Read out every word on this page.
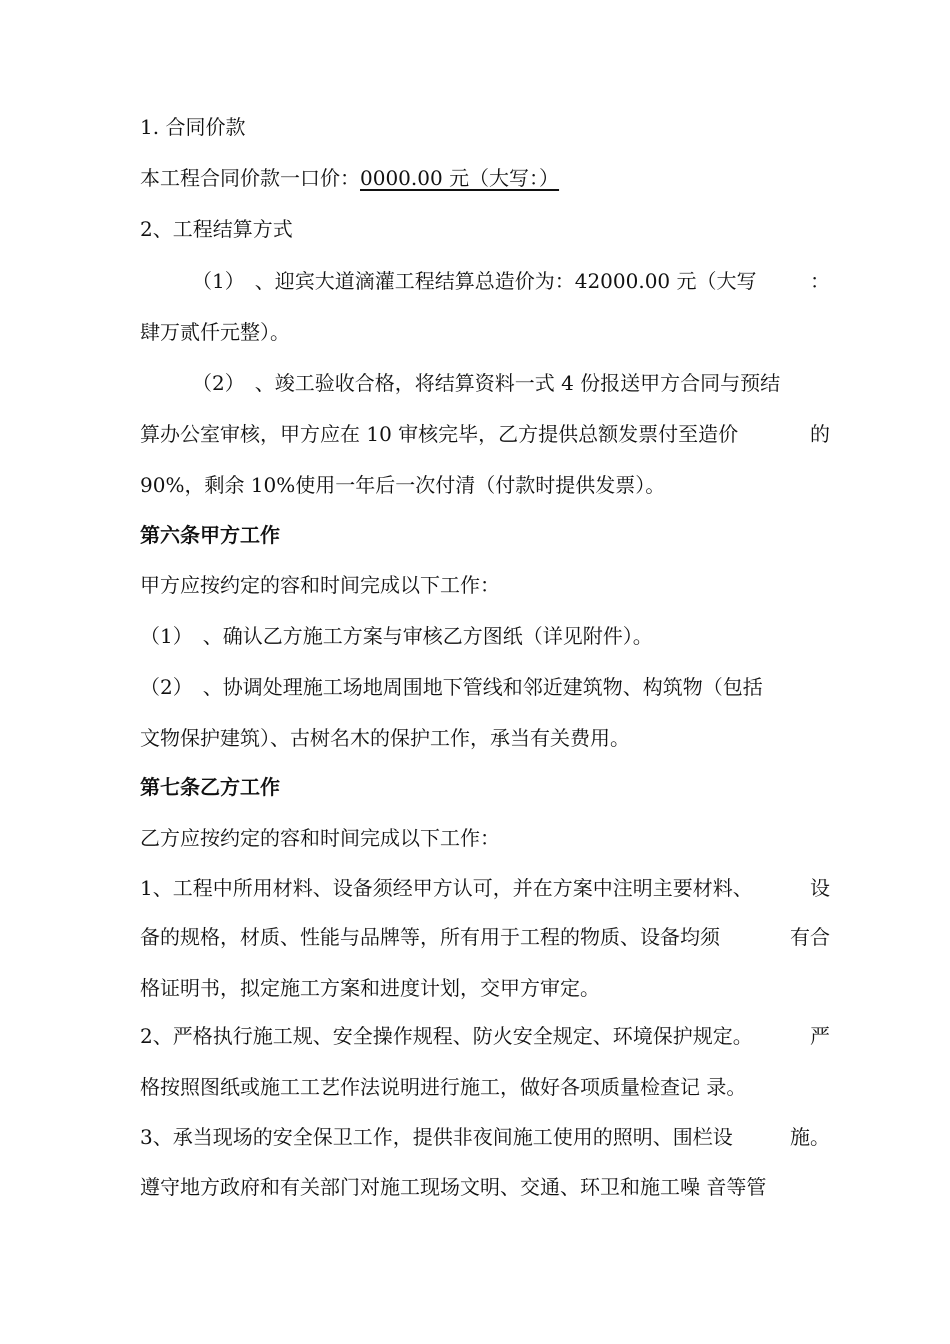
1. 合同价款
本工程合同价款一口价：0000.00 元（大写：）
2、工程结算方式
（1）　、迎宾大道滴灌工程结算总造价为：42000.00 元（大写	：
肆万贰仟元整）。
（2）　、竣工验收合格，将结算资料一式 4 份报送甲方合同与预结
算办公室审核，甲方应在 10 审核完毕，乙方提供总额发票付至造价	的
90%，剩余 10%使用一年后一次付清（付款时提供发票）。
第六条甲方工作
甲方应按约定的容和时间完成以下工作：
（1）　、确认乙方施工方案与审核乙方图纸（详见附件）。
（2）　、协调处理施工场地周围地下管线和邻近建筑物、构筑物（包括
文物保护建筑）、古树名木的保护工作，承当有关费用。
第七条乙方工作
乙方应按约定的容和时间完成以下工作：
1、工程中所用材料、设备须经甲方认可，并在方案中注明主要材料、	设
备的规格，材质、性能与品牌等，所有用于工程的物质、设备均须	有合
格证明书，拟定施工方案和进度计划，交甲方审定。
2、严格执行施工规、安全操作规程、防火安全规定、环境保护规定。	严
格按照图纸或施工工艺作法说明进行施工，做好各项质量检查记 录。
3、承当现场的安全保卫工作，提供非夜间施工使用的照明、围栏设	施。
遵守地方政府和有关部门对施工现场文明、交通、环卫和施工噪 音等管
